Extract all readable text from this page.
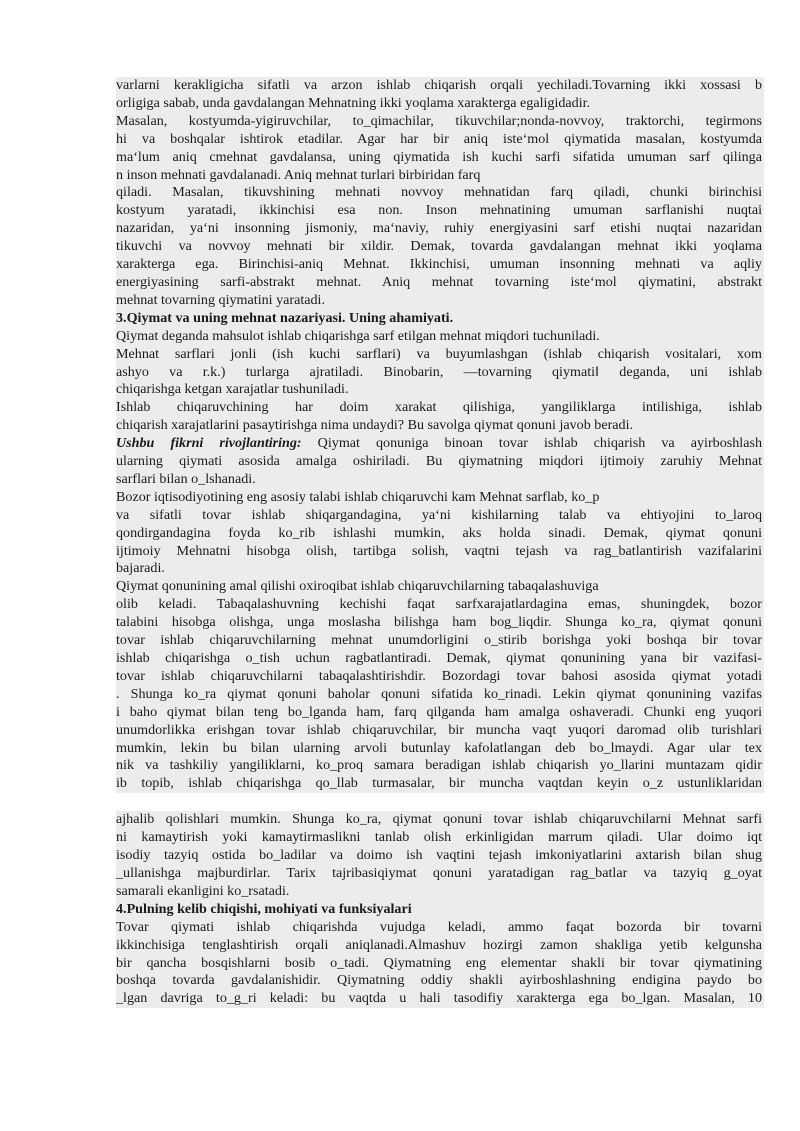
varlarni kerakligicha sifatli va arzon ishlab chiqarish orqali yechiladi.Tovarning ikki xossasi b

orligiga sabab, unda gavdalangan Mehnatning ikki yoqlama xarakterga egaligidadir.

Masalan, kostyumda-yigiruvchilar, to_qimachilar, tikuvchilar;nonda-novvoy, traktorchi, tegirmons

hi va boshqalar ishtirok etadilar. Agar har bir aniq iste‘mol qiymatida masalan, kostyumda

ma‘lum aniq cmehnat gavdalansa, uning qiymatida ish kuchi sarfi sifatida umuman sarf qilinga

n inson mehnati gavdalanadi. Aniq mehnat turlari birbiridan farq

qiladi. Masalan, tikuvshining mehnati novvoy mehnatidan farq qiladi, chunki birinchisi

kostyum yaratadi, ikkinchisi esa non. Inson mehnatining umuman sarflanishi nuqtai

nazaridan, ya‘ni insonning jismoniy, ma‘naviy, ruhiy energiyasini sarf etishi nuqtai nazaridan

tikuvchi va novvoy mehnati bir xildir. Demak, tovarda gavdalangan mehnat ikki yoqlama

xarakterga ega. Birinchisi-aniq Mehnat. Ikkinchisi, umuman insonning mehnati va aqliy

energiyasining sarfi-abstrakt mehnat. Aniq mehnat tovarning iste‘mol qiymatini, abstrakt

mehnat tovarning qiymatini yaratadi.

3.Qiymat va uning mehnat nazariyasi. Uning ahamiyati.

Qiymat deganda mahsulot ishlab chiqarishga sarf etilgan mehnat miqdori tuchuniladi.

Mehnat sarflari jonli (ish kuchi sarflari) va buyumlashgan (ishlab chiqarish vositalari, xom

ashyo va r.k.) turlarga ajratiladi. Binobarin, ―tovarning qiymati‖ deganda, uni ishlab

chiqarishga ketgan xarajatlar tushuniladi.

Ishlab chiqaruvchining har doim xarakat qilishiga, yangiliklarga intilishiga, ishlab

chiqarish xarajatlarini pasaytirishga nima undaydi? Bu savolga qiymat qonuni javob beradi.

Ushbu fikrni rivojlantiring: Qiymat qonuniga binoan tovar ishlab chiqarish va ayirboshlash

ularning qiymati asosida amalga oshiriladi. Bu qiymatning miqdori ijtimoiy zaruhiy Mehnat

sarflari bilan o_lshanadi.

Bozor iqtisodiyotining eng asosiy talabi ishlab chiqaruvchi kam Mehnat sarflab, ko_p

va sifatli tovar ishlab shiqargandagina, ya‘ni kishilarning talab va ehtiyojini to_laroq

qondirgandagina foyda ko_rib ishlashi mumkin, aks holda sinadi. Demak, qiymat qonuni

ijtimoiy Mehnatni hisobga olish, tartibga solish, vaqtni tejash va rag_batlantirish vazifalarini

bajaradi.

Qiymat qonunining amal qilishi oxiroqibat ishlab chiqaruvchilarning tabaqalashuviga

olib keladi. Tabaqalashuvning kechishi faqat sarfxarajatlardagina emas, shuningdek, bozor

talabini hisobga olishga, unga moslasha bilishga ham bog_liqdir. Shunga ko_ra, qiymat qonuni

tovar ishlab chiqaruvchilarning mehnat unumdorligini o_stirib borishga yoki boshqa bir tovar

ishlab chiqarishga o_tish uchun ragbatlantiradi. Demak, qiymat qonunining yana bir vazifasi-

tovar ishlab chiqaruvchilarni tabaqalashtirishdir. Bozordagi tovar bahosi asosida qiymat yotadi

. Shunga ko_ra qiymat qonuni baholar qonuni sifatida ko_rinadi. Lekin qiymat qonunining vazifas

i baho qiymat bilan teng bo_lganda ham, farq qilganda ham amalga oshaveradi. Chunki eng yuqori

unumdorlikka erishgan tovar ishlab chiqaruvchilar, bir muncha vaqt yuqori daromad olib turishlari

mumkin, lekin bu bilan ularning arvoli butunlay kafolatlangan deb bo_lmaydi. Agar ular tex

nik va tashkiliy yangiliklarni, ko_proq samara beradigan ishlab chiqarish yo_llarini muntazam qidir

ib topib, ishlab chiqarishga qo_llab turmasalar, bir muncha vaqtdan keyin o_z ustunliklaridan

ajhalib qolishlari mumkin. Shunga ko_ra, qiymat qonuni tovar ishlab chiqaruvchilarni Mehnat sarfi

ni kamaytirish yoki kamaytirmaslikni tanlab olish erkinligidan marrum qiladi. Ular doimo iqt

isodiy tazyiq ostida bo_ladilar va doimo ish vaqtini tejash imkoniyatlarini axtarish bilan shug

_ullanishga majburdirlar. Tarix tajribasiqiymat qonuni yaratadigan rag_batlar va tazyiq g_oyat

samarali ekanligini ko_rsatadi.

4.Pulning kelib chiqishi, mohiyati va funksiyalari

Tovar qiymati ishlab chiqarishda vujudga keladi, ammo faqat bozorda bir tovarni

ikkinchisiga tenglashtirish orqali aniqlanadi.Almashuv hozirgi zamon shakliga yetib kelgunsha

bir qancha bosqishlarni bosib o_tadi. Qiymatning eng elementar shakli bir tovar qiymatining

boshqa tovarda gavdalanishidir. Qiymatning oddiy shakli ayirboshlashning endigina paydo bo

_lgan davriga to_g_ri keladi: bu vaqtda u hali tasodifiy xarakterga ega bo_lgan. Masalan, 10
